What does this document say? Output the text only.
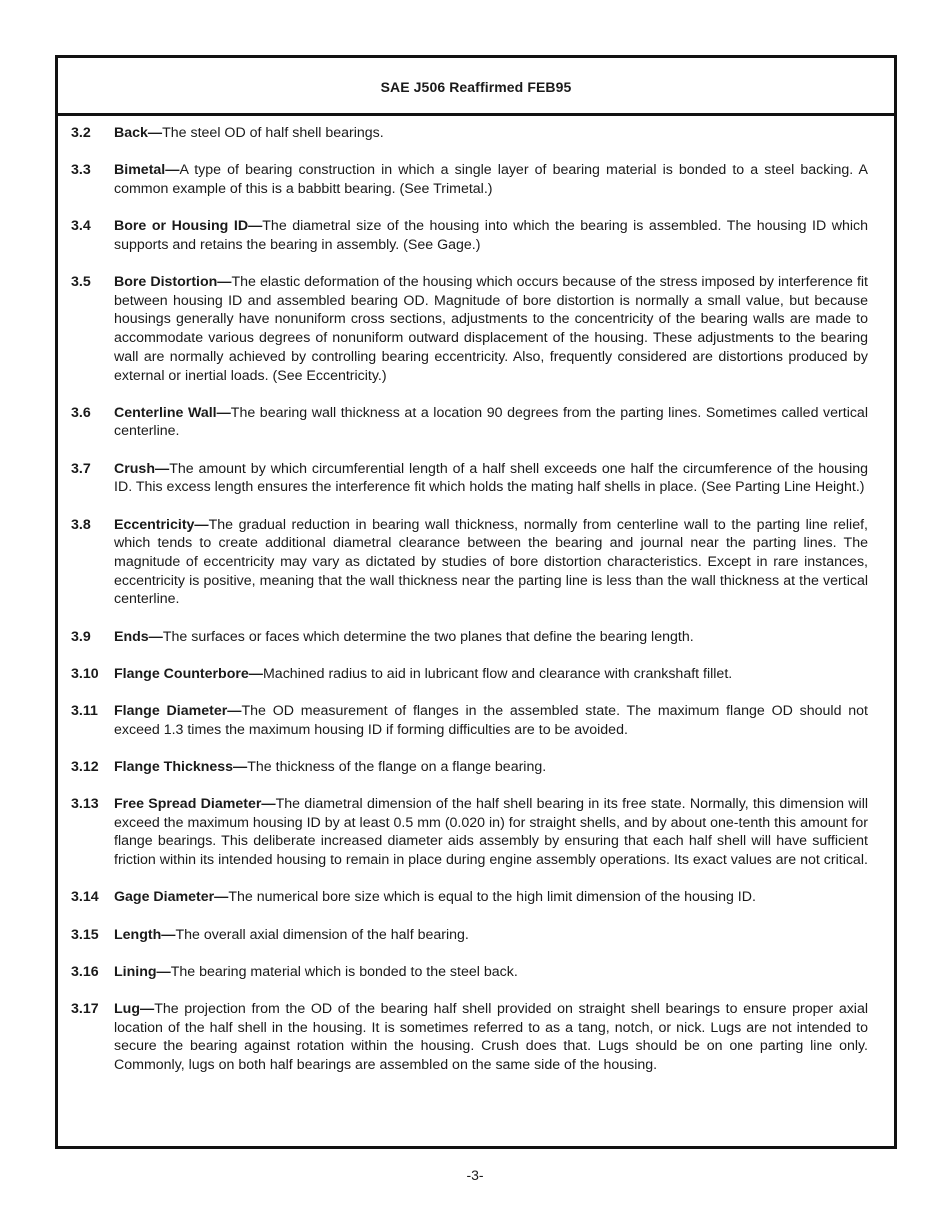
SAE J506 Reaffirmed FEB95
3.2	Back—The steel OD of half shell bearings.
3.3	Bimetal—A type of bearing construction in which a single layer of bearing material is bonded to a steel backing. A common example of this is a babbitt bearing. (See Trimetal.)
3.4	Bore or Housing ID—The diametral size of the housing into which the bearing is assembled. The housing ID which supports and retains the bearing in assembly. (See Gage.)
3.5	Bore Distortion—The elastic deformation of the housing which occurs because of the stress imposed by interference fit between housing ID and assembled bearing OD. Magnitude of bore distortion is normally a small value, but because housings generally have nonuniform cross sections, adjustments to the concentricity of the bearing walls are made to accommodate various degrees of nonuniform outward displacement of the housing. These adjustments to the bearing wall are normally achieved by controlling bearing eccentricity. Also, frequently considered are distortions produced by external or inertial loads. (See Eccentricity.)
3.6	Centerline Wall—The bearing wall thickness at a location 90 degrees from the parting lines. Sometimes called vertical centerline.
3.7	Crush—The amount by which circumferential length of a half shell exceeds one half the circumference of the housing ID. This excess length ensures the interference fit which holds the mating half shells in place. (See Parting Line Height.)
3.8	Eccentricity—The gradual reduction in bearing wall thickness, normally from centerline wall to the parting line relief, which tends to create additional diametral clearance between the bearing and journal near the parting lines. The magnitude of eccentricity may vary as dictated by studies of bore distortion characteristics. Except in rare instances, eccentricity is positive, meaning that the wall thickness near the parting line is less than the wall thickness at the vertical centerline.
3.9	Ends—The surfaces or faces which determine the two planes that define the bearing length.
3.10	Flange Counterbore—Machined radius to aid in lubricant flow and clearance with crankshaft fillet.
3.11	Flange Diameter—The OD measurement of flanges in the assembled state. The maximum flange OD should not exceed 1.3 times the maximum housing ID if forming difficulties are to be avoided.
3.12	Flange Thickness—The thickness of the flange on a flange bearing.
3.13	Free Spread Diameter—The diametral dimension of the half shell bearing in its free state. Normally, this dimension will exceed the maximum housing ID by at least 0.5 mm (0.020 in) for straight shells, and by about one-tenth this amount for flange bearings. This deliberate increased diameter aids assembly by ensuring that each half shell will have sufficient friction within its intended housing to remain in place during engine assembly operations. Its exact values are not critical.
3.14	Gage Diameter—The numerical bore size which is equal to the high limit dimension of the housing ID.
3.15	Length—The overall axial dimension of the half bearing.
3.16	Lining—The bearing material which is bonded to the steel back.
3.17	Lug—The projection from the OD of the bearing half shell provided on straight shell bearings to ensure proper axial location of the half shell in the housing. It is sometimes referred to as a tang, notch, or nick. Lugs are not intended to secure the bearing against rotation within the housing. Crush does that. Lugs should be on one parting line only. Commonly, lugs on both half bearings are assembled on the same side of the housing.
-3-
